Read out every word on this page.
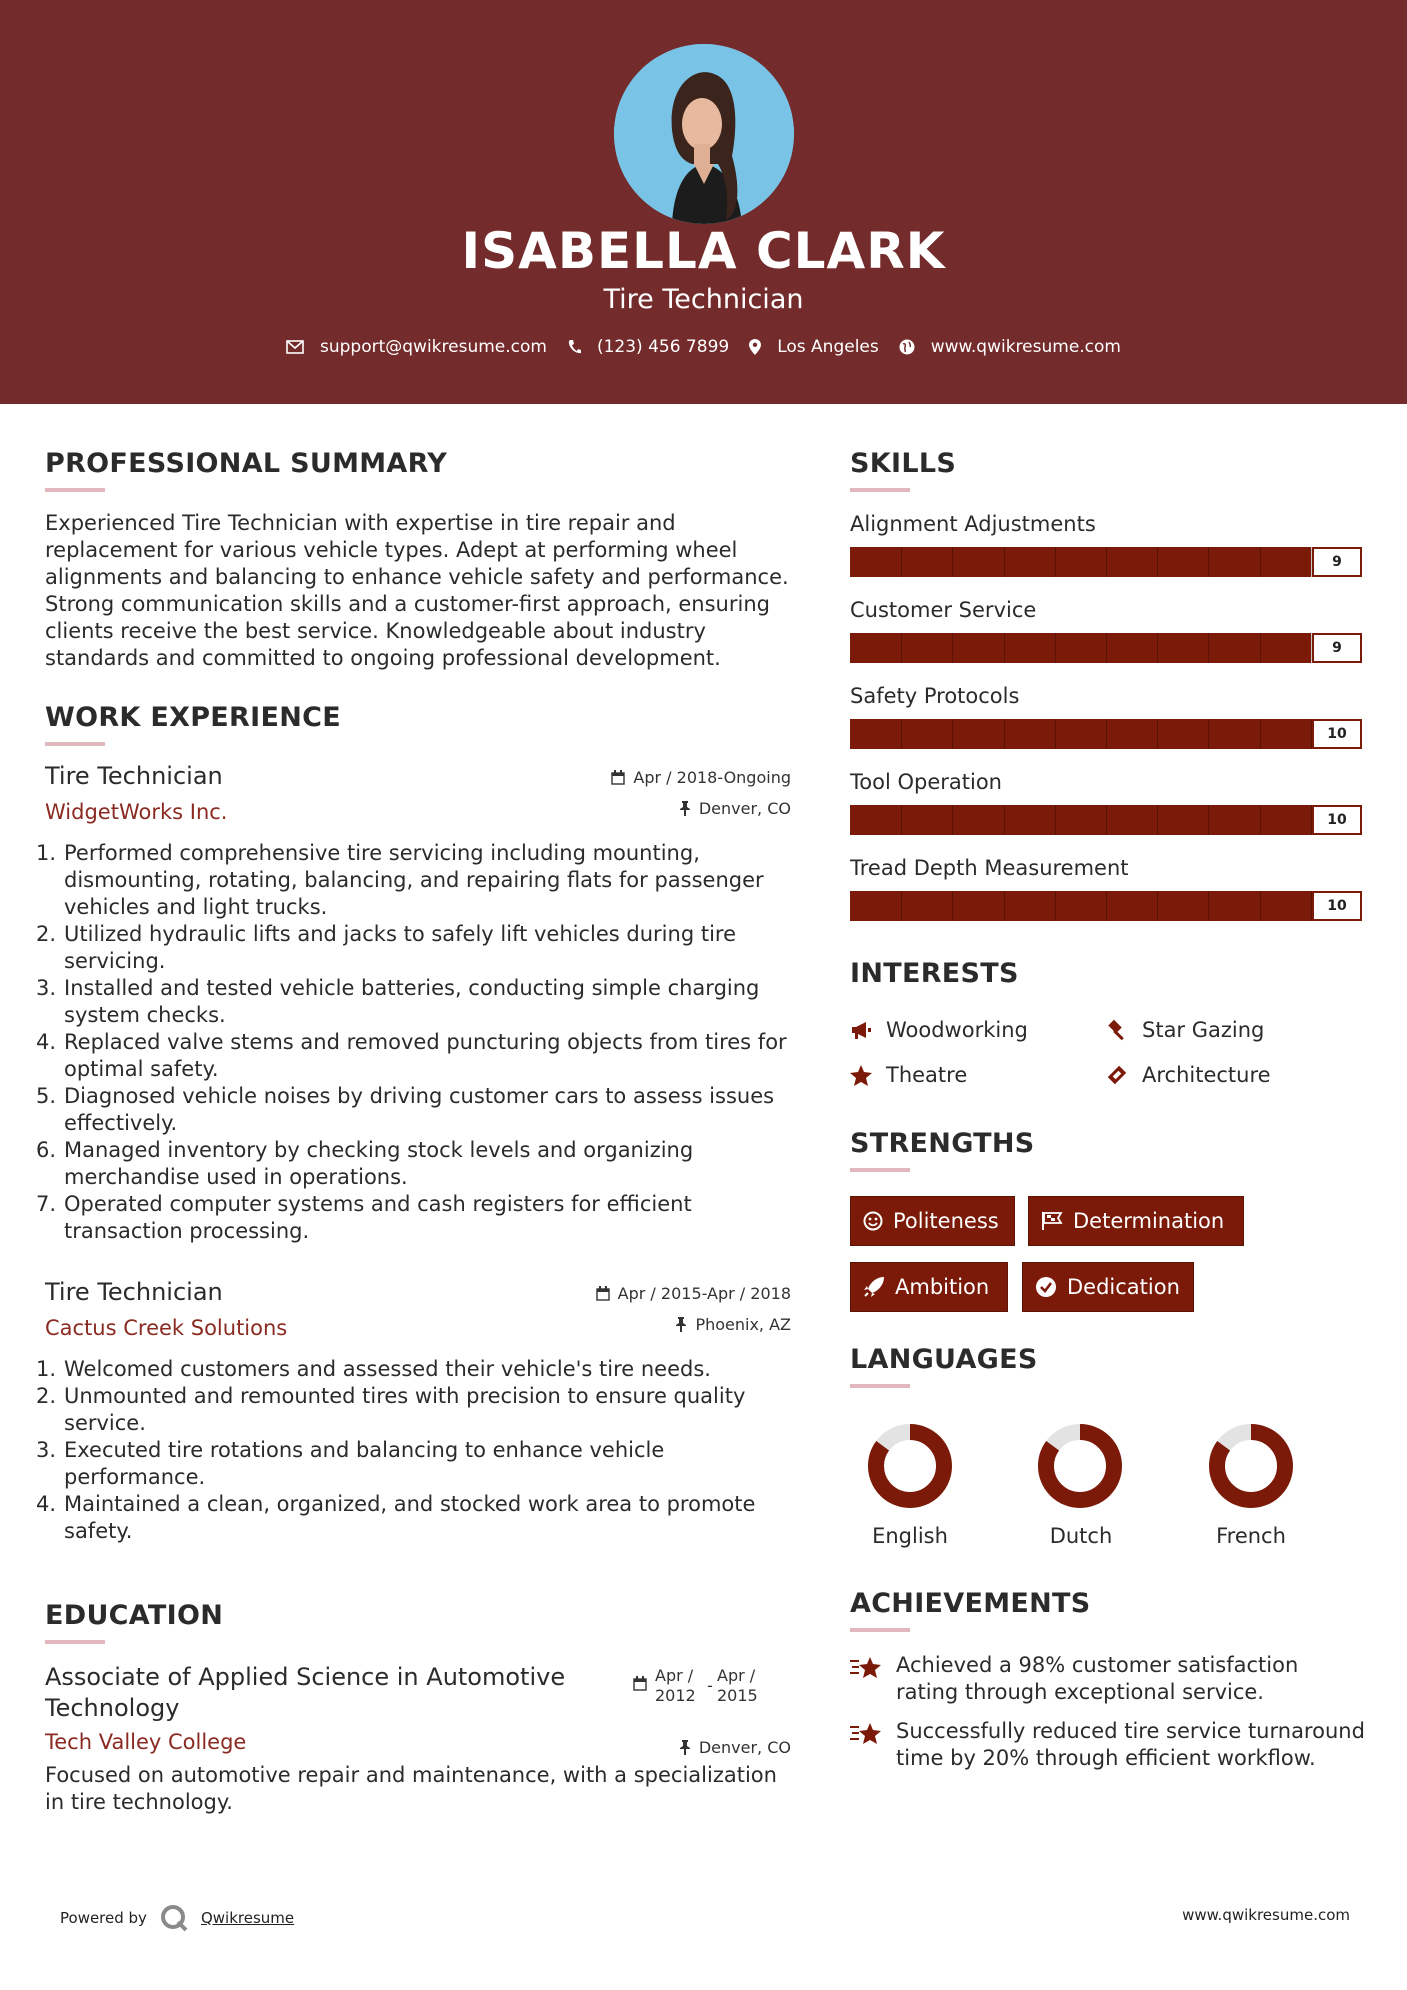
ISABELLA CLARK
Tire Technician
support@qwikresume.com	(123) 456 7899	Los Angeles	www.qwikresume.com
PROFESSIONAL SUMMARY
Experienced Tire Technician with expertise in tire repair and replacement for various vehicle types. Adept at performing wheel alignments and balancing to enhance vehicle safety and performance. Strong communication skills and a customer-first approach, ensuring clients receive the best service. Knowledgeable about industry standards and committed to ongoing professional development.
WORK EXPERIENCE
Tire Technician
WidgetWorks Inc.
Apr / 2018-Ongoing
Denver, CO
Performed comprehensive tire servicing including mounting, dismounting, rotating, balancing, and repairing flats for passenger vehicles and light trucks.
Utilized hydraulic lifts and jacks to safely lift vehicles during tire servicing.
Installed and tested vehicle batteries, conducting simple charging system checks.
Replaced valve stems and removed puncturing objects from tires for optimal safety.
Diagnosed vehicle noises by driving customer cars to assess issues effectively.
Managed inventory by checking stock levels and organizing merchandise used in operations.
Operated computer systems and cash registers for efficient transaction processing.
Tire Technician
Cactus Creek Solutions
Apr / 2015-Apr / 2018
Phoenix, AZ
Welcomed customers and assessed their vehicle's tire needs.
Unmounted and remounted tires with precision to ensure quality service.
Executed tire rotations and balancing to enhance vehicle performance.
Maintained a clean, organized, and stocked work area to promote safety.
EDUCATION
Associate of Applied Science in Automotive Technology
Apr / 2012
-
Apr / 2015
Tech Valley College	Denver, CO
Focused on automotive repair and maintenance, with a specialization in tire technology.
SKILLS
Alignment Adjustments
9
Customer Service
9
Safety Protocols
10
Tool Operation
10
Tread Depth Measurement
10
INTERESTS
Woodworking	Star Gazing
Theatre	Architecture
STRENGTHS
Politeness	Determination
Ambition	Dedication
LANGUAGES
English	Dutch	French
ACHIEVEMENTS
Achieved a 98% customer satisfaction rating through exceptional service.
Successfully reduced tire service turnaround time by 20% through efficient workflow.
Powered by	Qwikresume	www.qwikresume.com
